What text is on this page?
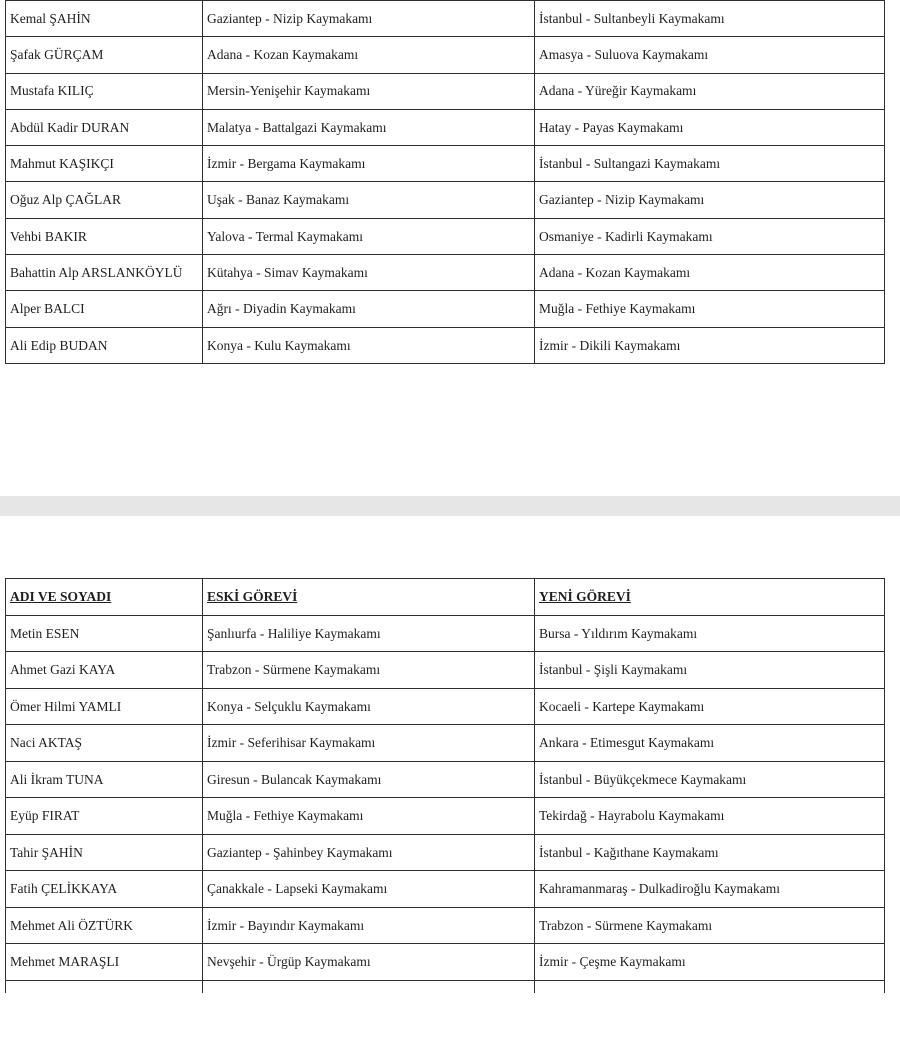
Kemal ŞAHİN	Gaziantep - Nizip Kaymakamı	İstanbul - Sultanbeyli Kaymakamı
Şafak GÜRÇAM	Adana - Kozan Kaymakamı	Amasya - Suluova Kaymakamı
Mustafa KILIÇ	Mersin-Yenişehir Kaymakamı	Adana - Yüreğir Kaymakamı
Abdül Kadir DURAN	Malatya - Battalgazi Kaymakamı	Hatay - Payas Kaymakamı
Mahmut KAŞIKÇI	İzmir - Bergama Kaymakamı	İstanbul - Sultangazi Kaymakamı
Oğuz Alp ÇAĞLAR	Uşak - Banaz Kaymakamı	Gaziantep - Nizip Kaymakamı
Vehbi BAKIR	Yalova - Termal Kaymakamı	Osmaniye - Kadirli Kaymakamı
Bahattin Alp ARSLANKÖYLÜ	Kütahya - Simav Kaymakamı	Adana - Kozan Kaymakamı
Alper BALCI	Ağrı - Diyadin Kaymakamı	Muğla - Fethiye Kaymakamı
Ali Edip BUDAN	Konya - Kulu Kaymakamı	İzmir - Dikili Kaymakamı
ADI VE SOYADI	ESKİ GÖREVİ	YENİ GÖREVİ
Metin ESEN	Şanlıurfa - Haliliye Kaymakamı	Bursa - Yıldırım Kaymakamı
Ahmet Gazi KAYA	Trabzon - Sürmene Kaymakamı	İstanbul - Şişli Kaymakamı
Ömer Hilmi YAMLI	Konya - Selçuklu Kaymakamı	Kocaeli - Kartepe Kaymakamı
Naci AKTAŞ	İzmir - Seferihisar Kaymakamı	Ankara - Etimesgut Kaymakamı
Ali İkram TUNA	Giresun - Bulancak Kaymakamı	İstanbul - Büyükçekmece Kaymakamı
Eyüp FIRAT	Muğla - Fethiye Kaymakamı	Tekirdağ - Hayrabolu Kaymakamı
Tahir ŞAHİN	Gaziantep - Şahinbey Kaymakamı	İstanbul - Kağıthane Kaymakamı
Fatih ÇELİKKAYA	Çanakkale - Lapseki Kaymakamı	Kahramanmaraş - Dulkadiroğlu Kaymakamı
Mehmet Ali ÖZTÜRK	İzmir - Bayındır Kaymakamı	Trabzon - Sürmene Kaymakamı
Mehmet MARAŞLI	Nevşehir - Ürgüp Kaymakamı	İzmir - Çeşme Kaymakamı
